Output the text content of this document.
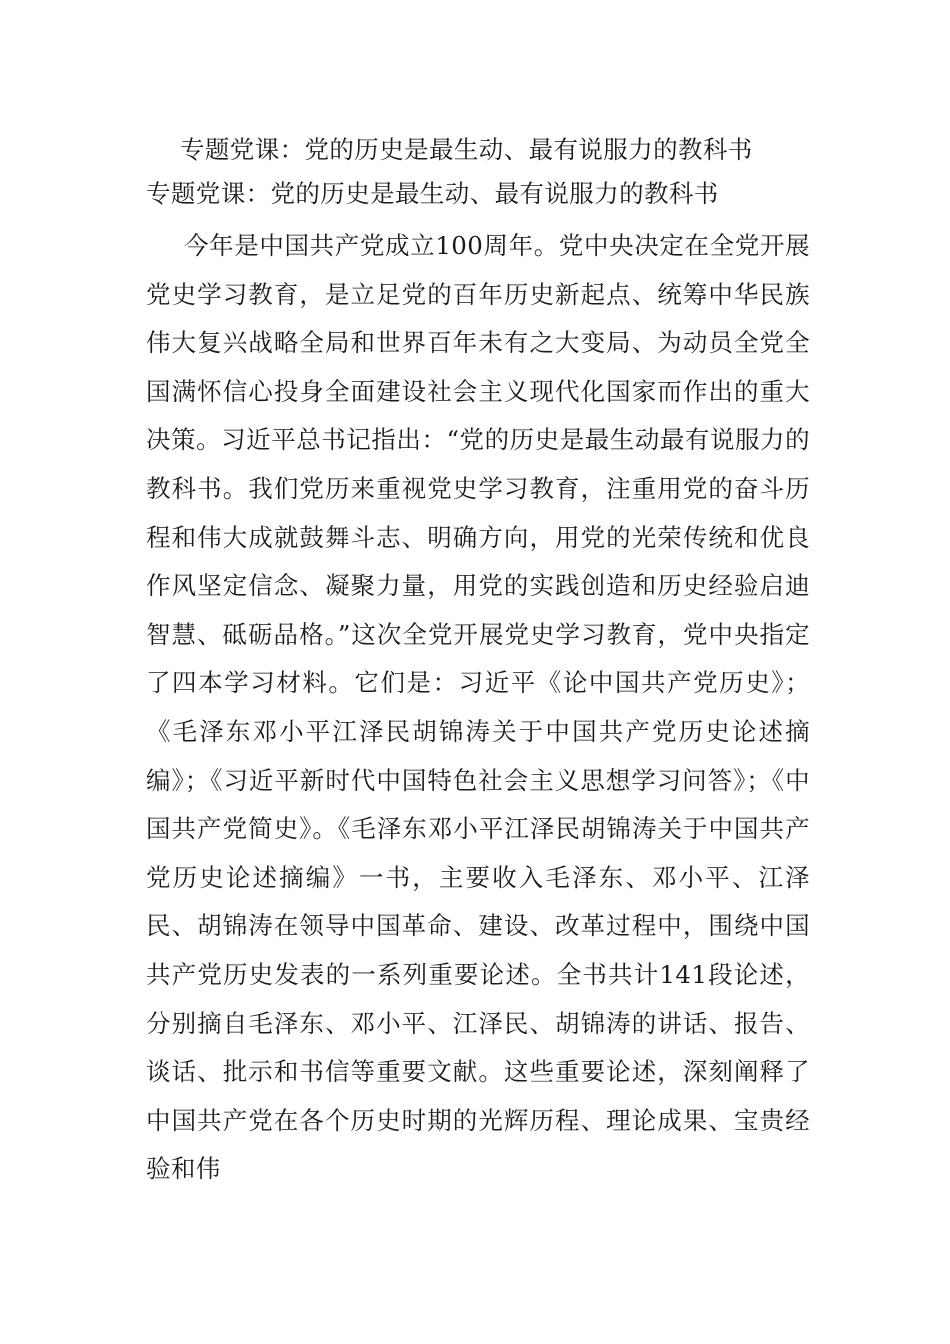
专题党课：党的历史是最生动、最有说服力的教科书

专题党课：党的历史是最生动、最有说服力的教科书

今年是中国共产党成立100周年。党中央决定在全党开展党史学习教育，是立足党的百年历史新起点、统筹中华民族伟大复兴战略全局和世界百年未有之大变局、为动员全党全国满怀信心投身全面建设社会主义现代化国家而作出的重大决策。习近平总书记指出：“党的历史是最生动最有说服力的教科书。我们党历来重视党史学习教育，注重用党的奋斗历程和伟大成就鼓舞斗志、明确方向，用党的光荣传统和优良作风坚定信念、凝聚力量，用党的实践创造和历史经验启迪智慧、砥砺品格。”这次全党开展党史学习教育，党中央指定了四本学习材料。它们是：习近平《论中国共产党历史》；《毛泽东邓小平江泽民胡锦涛关于中国共产党历史论述摘编》；《习近平新时代中国特色社会主义思想学习问答》；《中国共产党简史》。《毛泽东邓小平江泽民胡锦涛关于中国共产党历史论述摘编》一书，主要收入毛泽东、邓小平、江泽民、胡锦涛在领导中国革命、建设、改革过程中，围绕中国共产党历史发表的一系列重要论述。全书共计141段论述，分别摘自毛泽东、邓小平、江泽民、胡锦涛的讲话、报告、谈话、批示和书信等重要文献。这些重要论述，深刻阐释了中国共产党在各个历史时期的光辉历程、理论成果、宝贵经验和伟
